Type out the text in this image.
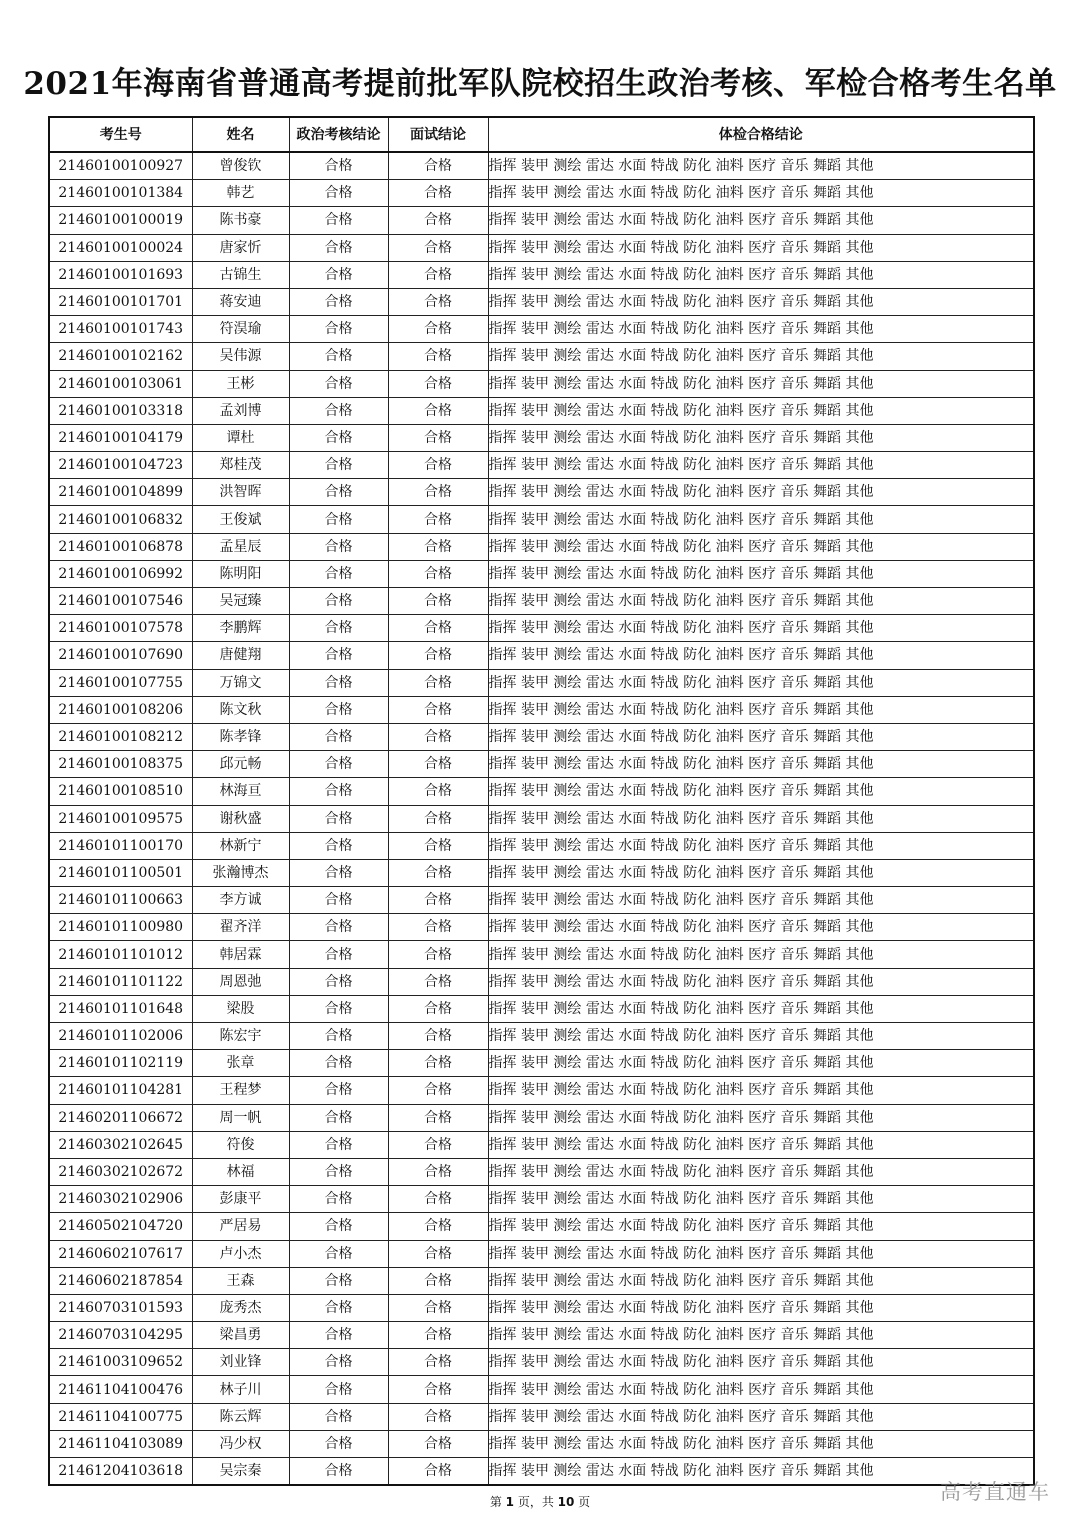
2021年海南省普通高考提前批军队院校招生政治考核、军检合格考生名单
考生号	姓名	政治考核结论	面试结论	体检合格结论
21460100100927	曾俊钦	合格	合格	指挥 装甲 测绘 雷达 水面 特战 防化 油料 医疗 音乐 舞蹈 其他
21460100101384	韩艺	合格	合格	指挥 装甲 测绘 雷达 水面 特战 防化 油料 医疗 音乐 舞蹈 其他
21460100100019	陈书豪	合格	合格	指挥 装甲 测绘 雷达 水面 特战 防化 油料 医疗 音乐 舞蹈 其他
21460100100024	唐家忻	合格	合格	指挥 装甲 测绘 雷达 水面 特战 防化 油料 医疗 音乐 舞蹈 其他
21460100101693	古锦生	合格	合格	指挥 装甲 测绘 雷达 水面 特战 防化 油料 医疗 音乐 舞蹈 其他
21460100101701	蒋安迪	合格	合格	指挥 装甲 测绘 雷达 水面 特战 防化 油料 医疗 音乐 舞蹈 其他
21460100101743	符淏瑜	合格	合格	指挥 装甲 测绘 雷达 水面 特战 防化 油料 医疗 音乐 舞蹈 其他
21460100102162	吴伟源	合格	合格	指挥 装甲 测绘 雷达 水面 特战 防化 油料 医疗 音乐 舞蹈 其他
21460100103061	王彬	合格	合格	指挥 装甲 测绘 雷达 水面 特战 防化 油料 医疗 音乐 舞蹈 其他
21460100103318	孟刘博	合格	合格	指挥 装甲 测绘 雷达 水面 特战 防化 油料 医疗 音乐 舞蹈 其他
21460100104179	谭杜	合格	合格	指挥 装甲 测绘 雷达 水面 特战 防化 油料 医疗 音乐 舞蹈 其他
21460100104723	郑桂茂	合格	合格	指挥 装甲 测绘 雷达 水面 特战 防化 油料 医疗 音乐 舞蹈 其他
21460100104899	洪智晖	合格	合格	指挥 装甲 测绘 雷达 水面 特战 防化 油料 医疗 音乐 舞蹈 其他
21460100106832	王俊斌	合格	合格	指挥 装甲 测绘 雷达 水面 特战 防化 油料 医疗 音乐 舞蹈 其他
21460100106878	孟星辰	合格	合格	指挥 装甲 测绘 雷达 水面 特战 防化 油料 医疗 音乐 舞蹈 其他
21460100106992	陈明阳	合格	合格	指挥 装甲 测绘 雷达 水面 特战 防化 油料 医疗 音乐 舞蹈 其他
21460100107546	吴冠臻	合格	合格	指挥 装甲 测绘 雷达 水面 特战 防化 油料 医疗 音乐 舞蹈 其他
21460100107578	李鹏辉	合格	合格	指挥 装甲 测绘 雷达 水面 特战 防化 油料 医疗 音乐 舞蹈 其他
21460100107690	唐健翔	合格	合格	指挥 装甲 测绘 雷达 水面 特战 防化 油料 医疗 音乐 舞蹈 其他
21460100107755	万锦文	合格	合格	指挥 装甲 测绘 雷达 水面 特战 防化 油料 医疗 音乐 舞蹈 其他
21460100108206	陈文秋	合格	合格	指挥 装甲 测绘 雷达 水面 特战 防化 油料 医疗 音乐 舞蹈 其他
21460100108212	陈孝锋	合格	合格	指挥 装甲 测绘 雷达 水面 特战 防化 油料 医疗 音乐 舞蹈 其他
21460100108375	邱元畅	合格	合格	指挥 装甲 测绘 雷达 水面 特战 防化 油料 医疗 音乐 舞蹈 其他
21460100108510	林海亘	合格	合格	指挥 装甲 测绘 雷达 水面 特战 防化 油料 医疗 音乐 舞蹈 其他
21460100109575	谢秋盛	合格	合格	指挥 装甲 测绘 雷达 水面 特战 防化 油料 医疗 音乐 舞蹈 其他
21460101100170	林新宁	合格	合格	指挥 装甲 测绘 雷达 水面 特战 防化 油料 医疗 音乐 舞蹈 其他
21460101100501	张瀚博杰	合格	合格	指挥 装甲 测绘 雷达 水面 特战 防化 油料 医疗 音乐 舞蹈 其他
21460101100663	李方诚	合格	合格	指挥 装甲 测绘 雷达 水面 特战 防化 油料 医疗 音乐 舞蹈 其他
21460101100980	翟齐洋	合格	合格	指挥 装甲 测绘 雷达 水面 特战 防化 油料 医疗 音乐 舞蹈 其他
21460101101012	韩居霖	合格	合格	指挥 装甲 测绘 雷达 水面 特战 防化 油料 医疗 音乐 舞蹈 其他
21460101101122	周恩弛	合格	合格	指挥 装甲 测绘 雷达 水面 特战 防化 油料 医疗 音乐 舞蹈 其他
21460101101648	梁股	合格	合格	指挥 装甲 测绘 雷达 水面 特战 防化 油料 医疗 音乐 舞蹈 其他
21460101102006	陈宏宇	合格	合格	指挥 装甲 测绘 雷达 水面 特战 防化 油料 医疗 音乐 舞蹈 其他
21460101102119	张章	合格	合格	指挥 装甲 测绘 雷达 水面 特战 防化 油料 医疗 音乐 舞蹈 其他
21460101104281	王程梦	合格	合格	指挥 装甲 测绘 雷达 水面 特战 防化 油料 医疗 音乐 舞蹈 其他
21460201106672	周一帆	合格	合格	指挥 装甲 测绘 雷达 水面 特战 防化 油料 医疗 音乐 舞蹈 其他
21460302102645	符俊	合格	合格	指挥 装甲 测绘 雷达 水面 特战 防化 油料 医疗 音乐 舞蹈 其他
21460302102672	林福	合格	合格	指挥 装甲 测绘 雷达 水面 特战 防化 油料 医疗 音乐 舞蹈 其他
21460302102906	彭康平	合格	合格	指挥 装甲 测绘 雷达 水面 特战 防化 油料 医疗 音乐 舞蹈 其他
21460502104720	严居易	合格	合格	指挥 装甲 测绘 雷达 水面 特战 防化 油料 医疗 音乐 舞蹈 其他
21460602107617	卢小杰	合格	合格	指挥 装甲 测绘 雷达 水面 特战 防化 油料 医疗 音乐 舞蹈 其他
21460602187854	王森	合格	合格	指挥 装甲 测绘 雷达 水面 特战 防化 油料 医疗 音乐 舞蹈 其他
21460703101593	庞秀杰	合格	合格	指挥 装甲 测绘 雷达 水面 特战 防化 油料 医疗 音乐 舞蹈 其他
21460703104295	梁昌勇	合格	合格	指挥 装甲 测绘 雷达 水面 特战 防化 油料 医疗 音乐 舞蹈 其他
21461003109652	刘业锋	合格	合格	指挥 装甲 测绘 雷达 水面 特战 防化 油料 医疗 音乐 舞蹈 其他
21461104100476	林子川	合格	合格	指挥 装甲 测绘 雷达 水面 特战 防化 油料 医疗 音乐 舞蹈 其他
21461104100775	陈云辉	合格	合格	指挥 装甲 测绘 雷达 水面 特战 防化 油料 医疗 音乐 舞蹈 其他
21461104103089	冯少权	合格	合格	指挥 装甲 测绘 雷达 水面 特战 防化 油料 医疗 音乐 舞蹈 其他
21461204103618	吴宗秦	合格	合格	指挥 装甲 测绘 雷达 水面 特战 防化 油料 医疗 音乐 舞蹈 其他
第 1 页，共 10 页	高考直通车
